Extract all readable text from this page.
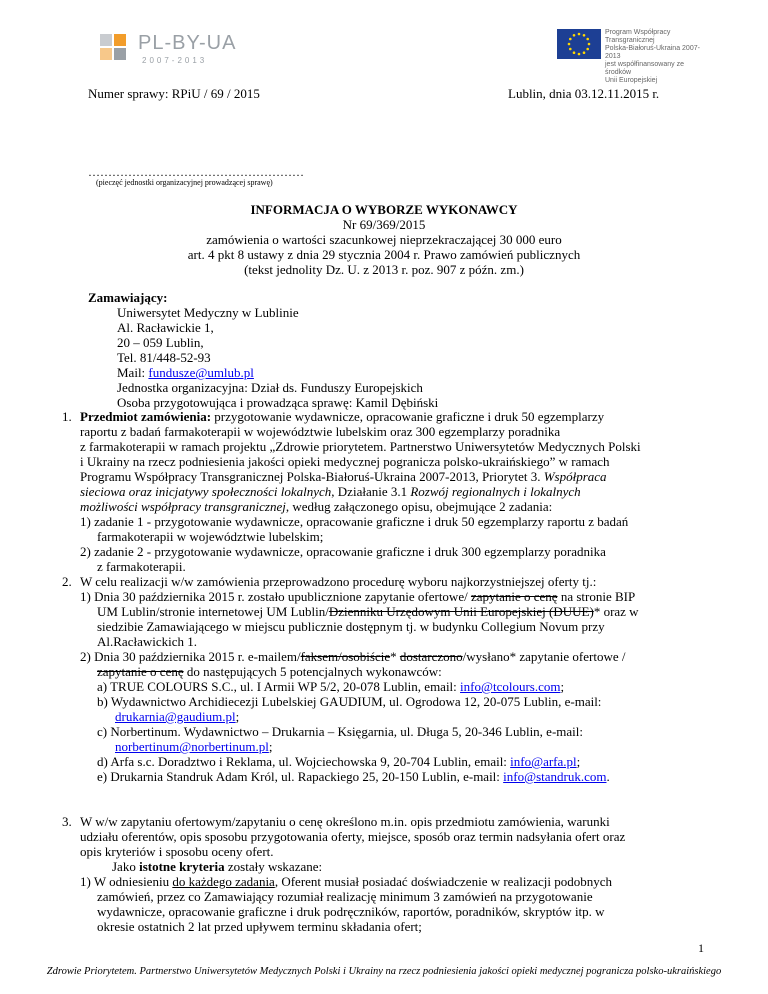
PL-BY-UA
2007-2013
Program Współpracy Transgranicznej
Polska-Białoruś-Ukraina 2007-2013
jest współfinansowany ze środków
Unii Europejskiej
Numer sprawy: RPiU / 69 / 2015	Lublin, dnia 03.12.11.2015 r.
………………………………………………
(pieczęć jednostki organizacyjnej prowadzącej sprawę)
INFORMACJA O WYBORZE WYKONAWCY
Nr 69/369/2015
zamówienia o wartości szacunkowej nieprzekraczającej 30 000 euro
art. 4 pkt 8 ustawy z dnia 29 stycznia 2004 r. Prawo zamówień publicznych
(tekst jednolity Dz. U. z 2013 r. poz. 907 z późn. zm.)
Zamawiający:
Uniwersytet Medyczny w Lublinie
Al. Racławickie 1,
20 – 059 Lublin,
Tel. 81/448-52-93
Mail: fundusze@umlub.pl
Jednostka organizacyjna: Dział ds. Funduszy Europejskich
Osoba przygotowująca i prowadząca sprawę: Kamil Dębiński
1. Przedmiot zamówienia: przygotowanie wydawnicze, opracowanie graficzne i druk 50 egzemplarzy
raportu z badań farmakoterapii w województwie lubelskim oraz 300 egzemplarzy poradnika
z farmakoterapii w ramach projektu „Zdrowie priorytetem. Partnerstwo Uniwersytetów Medycznych Polski
i Ukrainy na rzecz podniesienia jakości opieki medycznej pogranicza polsko-ukraińskiego” w ramach
Programu Współpracy Transgranicznej Polska-Białoruś-Ukraina 2007-2013, Priorytet 3. Współpraca
sieciowa oraz inicjatywy społeczności lokalnych, Działanie 3.1 Rozwój regionalnych i lokalnych
możliwości współpracy transgranicznej, według załączonego opisu, obejmujące 2 zadania:
1) zadanie 1 - przygotowanie wydawnicze, opracowanie graficzne i druk 50 egzemplarzy raportu z badań
farmakoterapii w województwie lubelskim;
2) zadanie 2 - przygotowanie wydawnicze, opracowanie graficzne i druk 300 egzemplarzy poradnika
z farmakoterapii.
2. W celu realizacji w/w zamówienia przeprowadzono procedurę wyboru najkorzystniejszej oferty tj.:
1) Dnia 30 października 2015 r. zostało upublicznione zapytanie ofertowe/ zapytanie o cenę na stronie BIP
UM Lublin/stronie internetowej UM Lublin/Dzienniku Urzędowym Unii Europejskiej (DUUE)* oraz w
siedzibie Zamawiającego w miejscu publicznie dostępnym tj. w budynku Collegium Novum przy
Al.Racławickich 1.
2) Dnia 30 października 2015 r. e-mailem/faksem/osobiście* dostarczono/wysłano* zapytanie ofertowe /
zapytanie o cenę do następujących 5 potencjalnych wykonawców:
a) TRUE COLOURS S.C., ul. I Armii WP 5/2, 20-078 Lublin, email: info@tcolours.com;
b) Wydawnictwo Archidiecezji Lubelskiej GAUDIUM, ul. Ogrodowa 12, 20-075 Lublin, e-mail:
drukarnia@gaudium.pl;
c) Norbertinum. Wydawnictwo – Drukarnia – Księgarnia, ul. Długa 5, 20-346 Lublin, e-mail:
norbertinum@norbertinum.pl;
d) Arfa s.c. Doradztwo i Reklama, ul. Wojciechowska 9, 20-704 Lublin, email: info@arfa.pl;
e) Drukarnia Standruk Adam Król, ul. Rapackiego 25, 20-150 Lublin, e-mail: info@standruk.com.
3. W w/w zapytaniu ofertowym/zapytaniu o cenę określono m.in. opis przedmiotu zamówienia, warunki
udziału oferentów, opis sposobu przygotowania oferty, miejsce, sposób oraz termin nadsyłania ofert oraz
opis kryteriów i sposobu oceny ofert.
Jako istotne kryteria zostały wskazane:
1) W odniesieniu do każdego zadania, Oferent musiał posiadać doświadczenie w realizacji podobnych
zamówień, przez co Zamawiający rozumiał realizację minimum 3 zamówień na przygotowanie
wydawnicze, opracowanie graficzne i druk podręczników, raportów, poradników, skryptów itp. w
okresie ostatnich 2 lat przed upływem terminu składania ofert;
1
Zdrowie Priorytetem. Partnerstwo Uniwersytetów Medycznych Polski i Ukrainy na rzecz podniesienia jakości opieki medycznej pogranicza polsko-ukraińskiego
